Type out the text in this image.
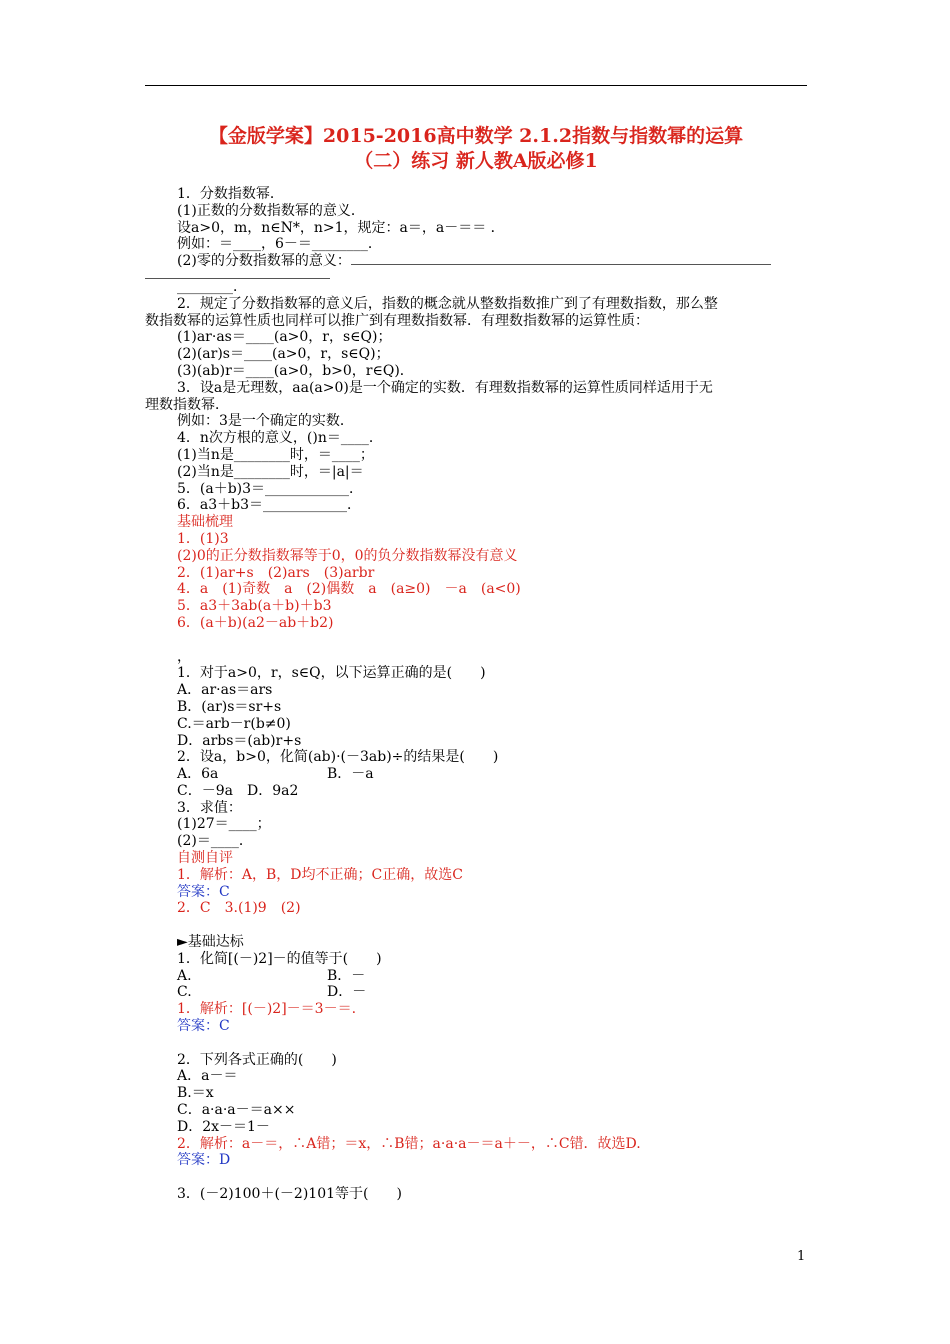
【金版学案】2015-2016高中数学 2.1.2指数与指数幂的运算
（二）练习 新人教A版必修1
1．分数指数幂．
(1)正数的分数指数幂的意义．
设a>0，m，n∈N*，n>1，规定：a＝，a－＝＝ ．
例如：＝____，6－＝________．
(2)零的分数指数幂的意义：
________．
2．规定了分数指数幂的意义后，指数的概念就从整数指数推广到了有理数指数，那么整
数指数幂的运算性质也同样可以推广到有理数指数幂．有理数指数幂的运算性质：
(1)ar·as＝____(a>0，r，s∈Q)；
(2)(ar)s＝____(a>0，r，s∈Q)；
(3)(ab)r＝____(a>0，b>0，r∈Q)．
3．设a是无理数，aa(a>0)是一个确定的实数．有理数指数幂的运算性质同样适用于无
理数指数幂．
例如：3是一个确定的实数．
4．n次方根的意义，()n＝____．
(1)当n是________时，＝____；
(2)当n是________时，＝|a|＝
5．(a＋b)3＝____________．
6．a3＋b3＝____________．
基础梳理
1．(1)3
(2)0的正分数指数幂等于0，0的负分数指数幂没有意义
2．(1)ar+s　(2)ars　(3)arbr
4．a　(1)奇数　a　(2)偶数　a　(a≥0)　－a　(a<0)
5．a3＋3ab(a＋b)＋b3
6．(a＋b)(a2－ab＋b2)
，
1．对于a>0，r，s∈Q，以下运算正确的是(　　)
A．ar·as＝ars
B．(ar)s＝sr+s
C.＝arb－r(b≠0)
D．arbs＝(ab)r+s
2．设a，b>0，化简(ab)·(－3ab)÷的结果是(　　)
A．6a	B．－a
C．－9a　D．9a2
3．求值：
(1)27＝____；
(2)＝____．
自测自评
1．解析：A，B，D均不正确；C正确，故选C
答案：C
2．C　3.(1)9　(2)
►基础达标
1．化简[(－)2]－的值等于(　　)
A.	B．－
C.	D．－
1．解析：[(－)2]－＝3－＝.
答案：C
2．下列各式正确的(　　)
A．a－＝
B.＝x
C．a·a·a－＝a××
D．2x－＝1－
2．解析：a－＝，∴A错；＝x，∴B错；a·a·a－＝a＋－，∴C错．故选D.
答案：D
3．(－2)100＋(－2)101等于(　　)
1
